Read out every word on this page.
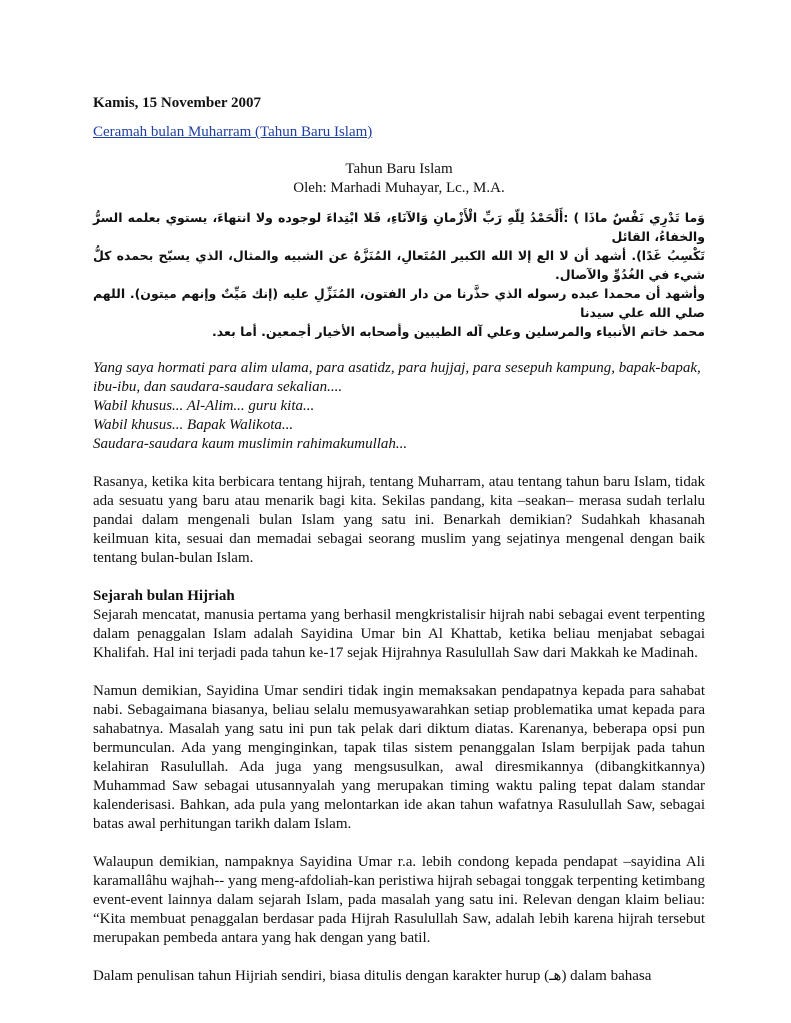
Kamis, 15 November 2007

Ceramah bulan Muharram (Tahun Baru Islam)

Tahun Baru Islam

Oleh: Marhadi Muhayar, Lc., M.A.

وَما تَدْرِي نَفْسٌ ماذَا ) :أَلْحَمْدُ لِلّهِ رَبِّ الْأَزْمانِ وَالآنَاءِ، فَلا ابْتِداءَ لوجوده ولا انتهاءَ، يستوي بعلمه السرُّ والخفاءُ، القائل

تَكْسِبُ غَدًا). أشهد أن لا الع إلا الله الكبير المُتَعالِ، المُنَزَّهُ عن الشبيه والمثال، الذي يسبّح بحمده كلُّ شيء في الغُدُوِّ والآصال.

وأشهد أن محمدا عبده رسوله الذي حذَّرنا من دار الفتون، المُنَزِّلِ عليه (إنك مَيِّتٌ وإنهم ميتون). اللهم صلي الله علي سيدنا

محمد خاتم الأنبياء والمرسلين وعلي آله الطيبين وأصحابه الأخيار أجمعين. أما بعد.

Yang saya hormati para alim ulama, para asatidz, para hujjaj, para sesepuh kampung, bapak-bapak, ibu-ibu, dan saudara-saudara sekalian....
Wabil khusus... Al-Alim... guru kita...
Wabil khusus... Bapak Walikota...
Saudara-saudara kaum muslimin rahimakumullah...

Rasanya, ketika kita berbicara tentang hijrah, tentang Muharram, atau tentang tahun baru Islam, tidak ada sesuatu yang baru atau menarik bagi kita. Sekilas pandang, kita –seakan– merasa sudah terlalu pandai dalam mengenali bulan Islam yang satu ini. Benarkah demikian? Sudahkah khasanah keilmuan kita, sesuai dan memadai sebagai seorang muslim yang sejatinya mengenal dengan baik tentang bulan-bulan Islam.

Sejarah bulan Hijriah

Sejarah mencatat, manusia pertama yang berhasil mengkristalisir hijrah nabi sebagai event terpenting dalam penaggalan Islam adalah Sayidina Umar bin Al Khattab, ketika beliau menjabat sebagai Khalifah. Hal ini terjadi pada tahun ke-17 sejak Hijrahnya Rasulullah Saw dari Makkah ke Madinah.

Namun demikian, Sayidina Umar sendiri tidak ingin memaksakan pendapatnya kepada para sahabat nabi. Sebagaimana biasanya, beliau selalu memusyawarahkan setiap problematika umat kepada para sahabatnya. Masalah yang satu ini pun tak pelak dari diktum diatas. Karenanya, beberapa opsi pun bermunculan. Ada yang menginginkan, tapak tilas sistem penanggalan Islam berpijak pada tahun kelahiran Rasulullah. Ada juga yang mengsusulkan, awal diresmikannya (dibangkitkannya) Muhammad Saw sebagai utusannyalah yang merupakan timing waktu paling tepat dalam standar kalenderisasi. Bahkan, ada pula yang melontarkan ide akan tahun wafatnya Rasulullah Saw, sebagai batas awal perhitungan tarikh dalam Islam.

Walaupun demikian, nampaknya Sayidina Umar r.a. lebih condong kepada pendapat –sayidina Ali karamallâhu wajhah-- yang meng-afdoliah-kan peristiwa hijrah sebagai tonggak terpenting ketimbang event-event lainnya dalam sejarah Islam, pada masalah yang satu ini. Relevan dengan klaim beliau: “Kita membuat penaggalan berdasar pada Hijrah Rasulullah Saw, adalah lebih karena hijrah tersebut merupakan pembeda antara yang hak dengan yang batil.

Dalam penulisan tahun Hijriah sendiri, biasa ditulis dengan karakter hurup (هـ) dalam bahasa
